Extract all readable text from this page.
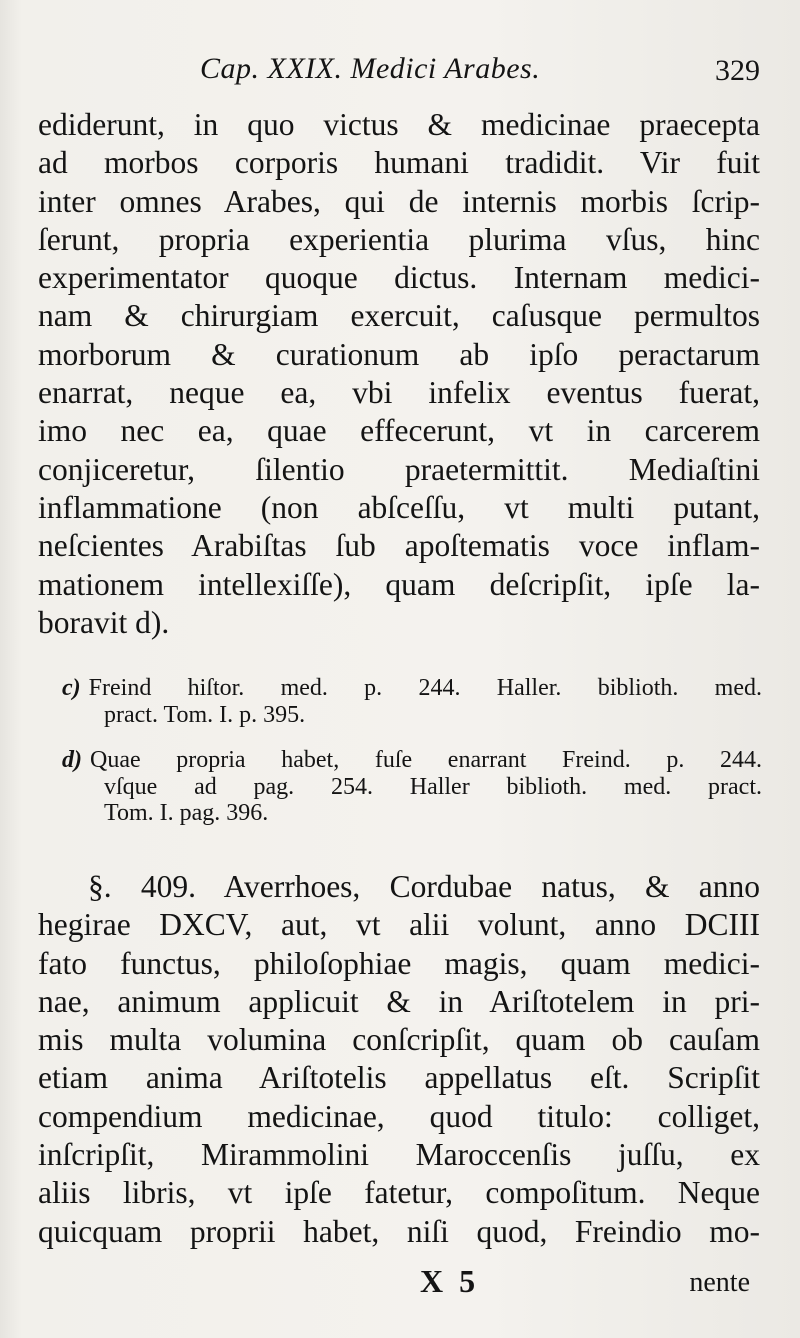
Cap. XXIX. Medici Arabes.	329
ediderunt, in quo victus & medicinae praecepta
ad morbos corporis humani tradidit. Vir fuit
inter omnes Arabes, qui de internis morbis ſcrip-
ſerunt, propria experientia plurima vſus, hinc
experimentator quoque dictus. Internam medici-
nam & chirurgiam exercuit, caſusque permultos
morborum & curationum ab ipſo peractarum
enarrat, neque ea, vbi infelix eventus fuerat,
imo nec ea, quae effecerunt, vt in carcerem
conjiceretur, ſilentio praetermittit. Mediaſtini
inflammatione (non abſceſſu, vt multi putant,
neſcientes Arabiſtas ſub apoſtematis voce inflam-
mationem intellexiſſe), quam deſcripſit, ipſe la-
boravit d).
c) Freind hiſtor. med. p. 244. Haller. biblioth. med.
pract. Tom. I. p. 395.
d) Quae propria habet, fuſe enarrant Freind. p. 244.
vſque ad pag. 254. Haller biblioth. med. pract.
Tom. I. pag. 396.
§. 409. Averrhoes, Cordubae natus, & anno
hegirae DXCV, aut, vt alii volunt, anno DCIII
fato functus, philoſophiae magis, quam medici-
nae, animum applicuit & in Ariſtotelem in pri-
mis multa volumina conſcripſit, quam ob cauſam
etiam anima Ariſtotelis appellatus eſt. Scripſit
compendium medicinae, quod titulo: colliget,
inſcripſit, Mirammolini Maroccenſis juſſu, ex
aliis libris, vt ipſe fatetur, compoſitum. Neque
quicquam proprii habet, niſi quod, Freindio mo-
X 5	nente
